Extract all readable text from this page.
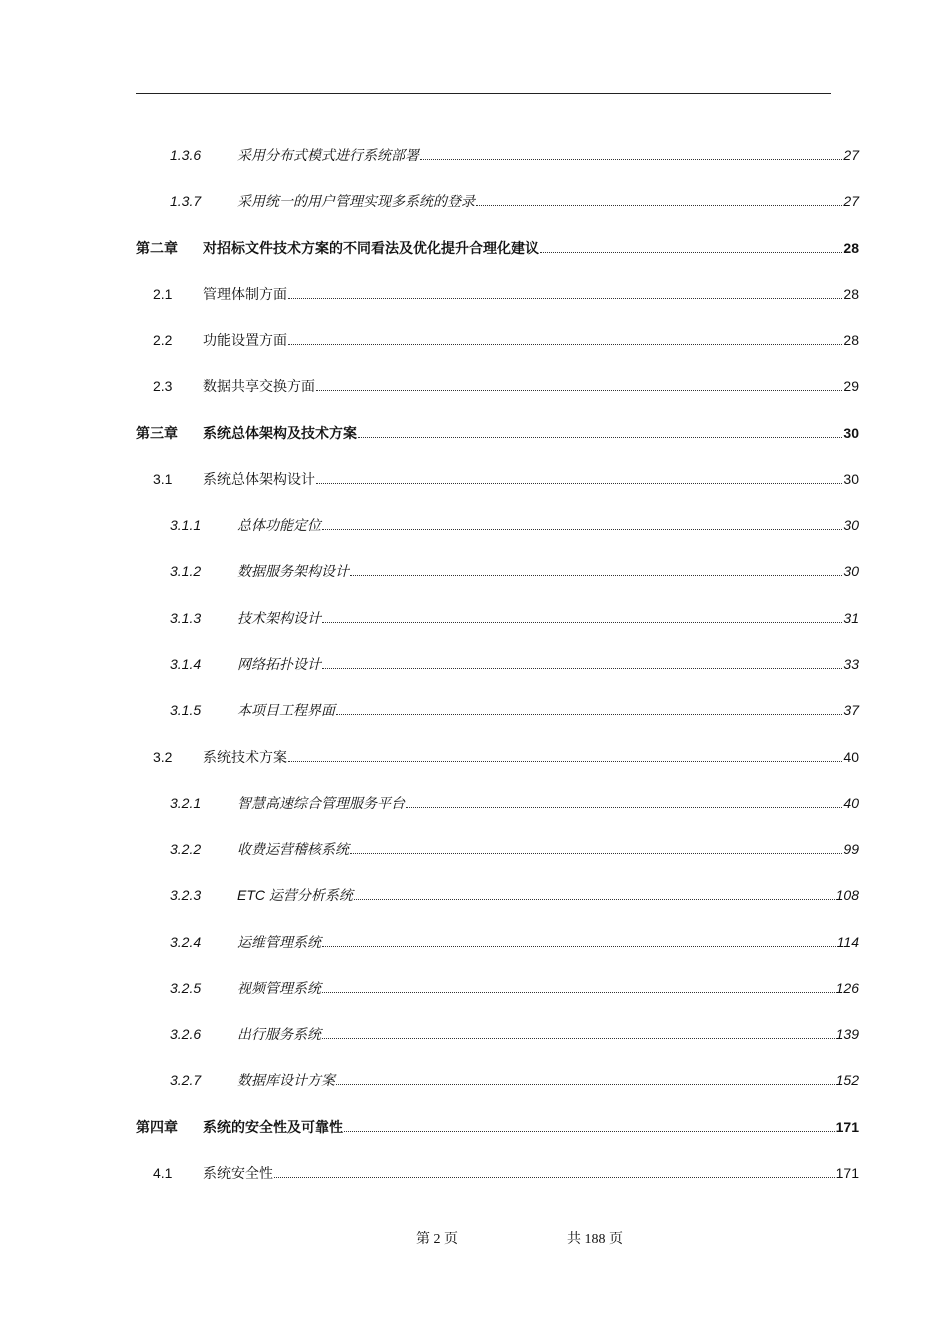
1.3.6	采用分布式模式进行系统部署	27
1.3.7	采用统一的用户管理实现多系统的登录	27
第二章	对招标文件技术方案的不同看法及优化提升合理化建议	28
2.1	管理体制方面	28
2.2	功能设置方面	28
2.3	数据共享交换方面	29
第三章	系统总体架构及技术方案	30
3.1	系统总体架构设计	30
3.1.1	总体功能定位	30
3.1.2	数据服务架构设计	30
3.1.3	技术架构设计	31
3.1.4	网络拓扑设计	33
3.1.5	本项目工程界面	37
3.2	系统技术方案	40
3.2.1	智慧高速综合管理服务平台	40
3.2.2	收费运营稽核系统	99
3.2.3	ETC 运营分析系统	108
3.2.4	运维管理系统	114
3.2.5	视频管理系统	126
3.2.6	出行服务系统	139
3.2.7	数据库设计方案	152
第四章	系统的安全性及可靠性	171
4.1	系统安全性	171
第 2 页	共 188 页
